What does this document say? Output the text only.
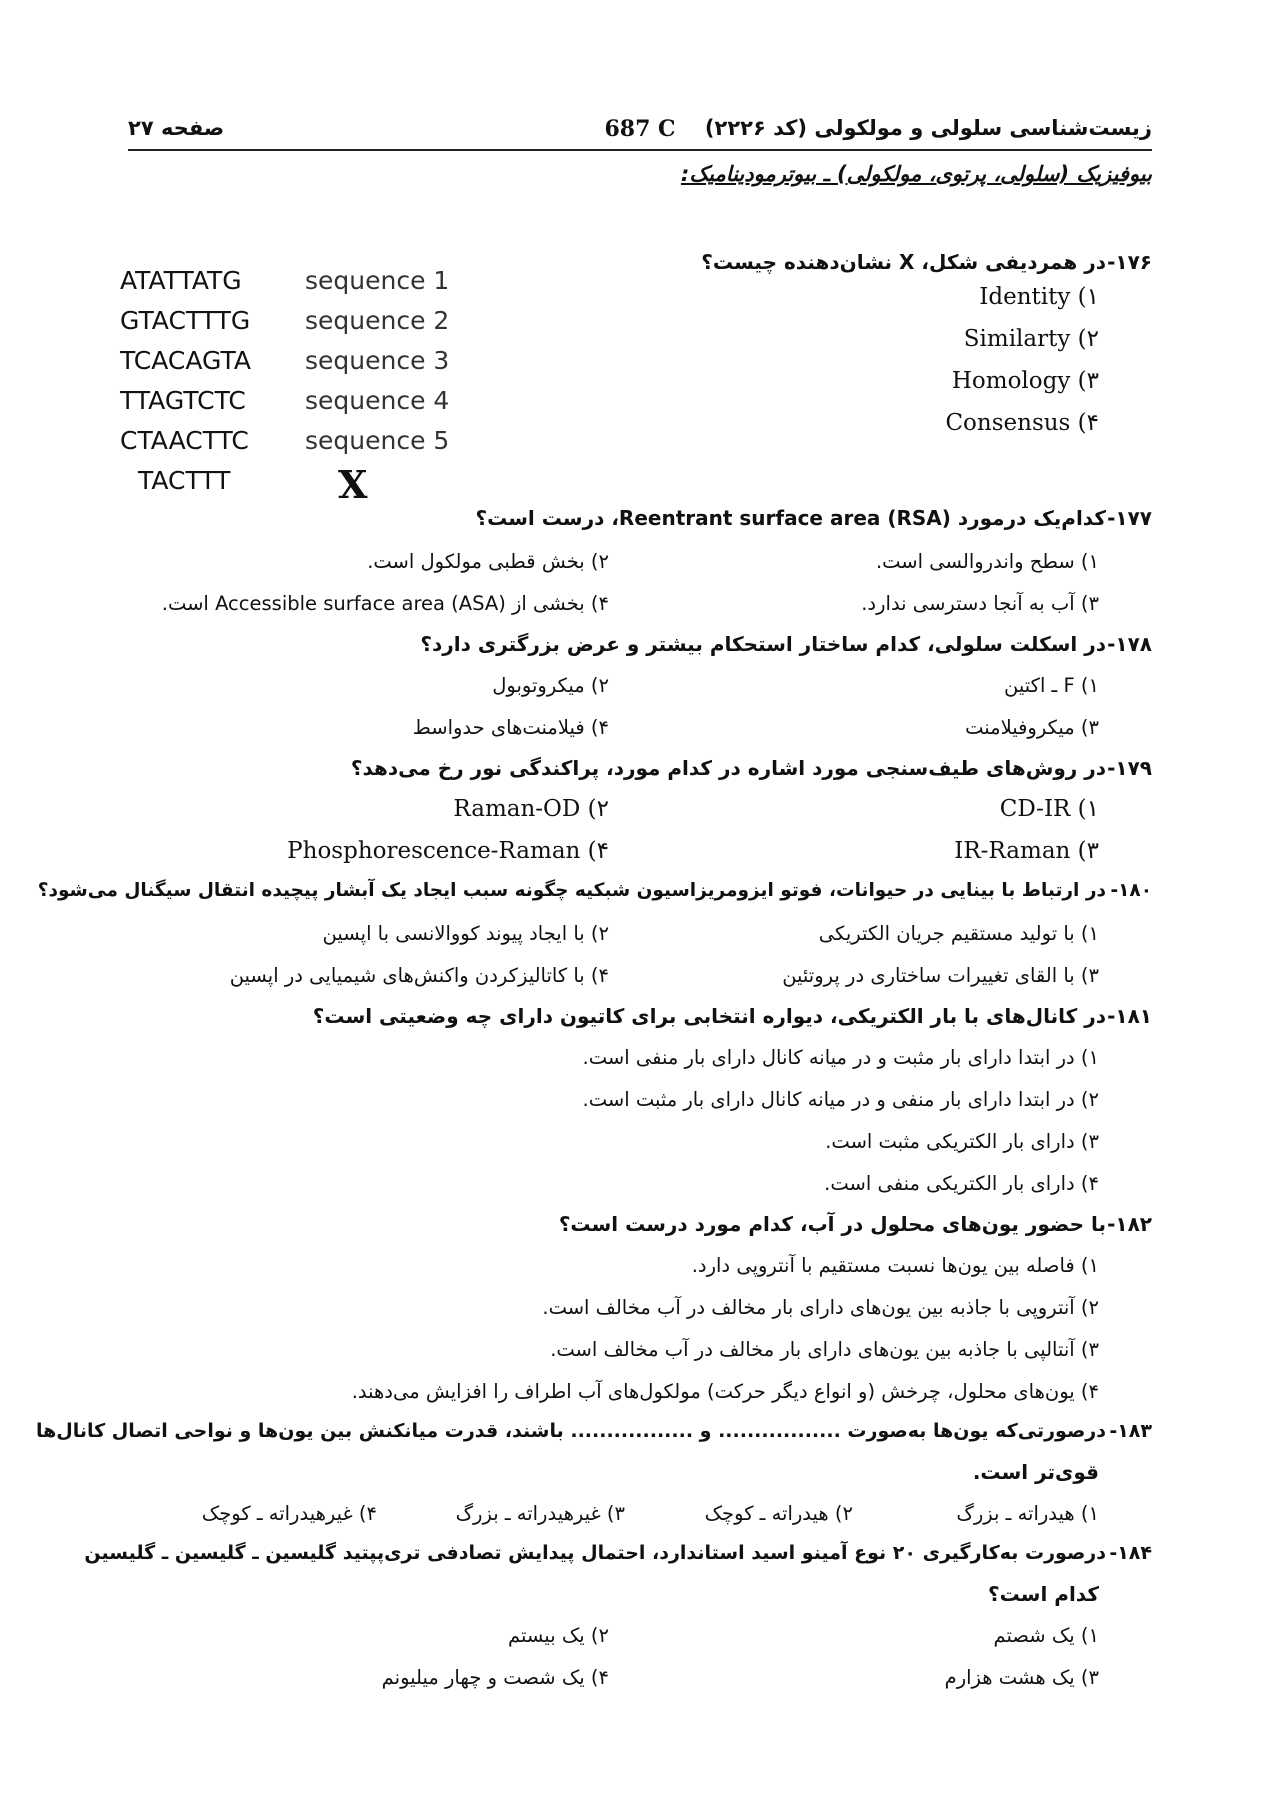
زیست‌شناسی سلولی و مولکولی (کد ۲۲۲۶)
687 C
صفحه ۲۷
بیوفیزیک (سلولی، پرتوی، مولکولی) ـ بیوترمودینامیک:
ATATTATG	sequence 1
GTACTTTG sequence 2
TCACAGTA sequence 3
TTAGTCTC sequence 4
CTAACTTC sequence 5
TACTTT	X
۱۷۶-در همردیفی شکل، X نشان‌دهنده چیست؟
Identity (۱
Similarty (۲
Homology (۳
Consensus (۴
۱۷۷-کدام‌یک درمورد Reentrant surface area (RSA)، درست است؟
۱) سطح واندروالسی است.
۲) بخش قطبی مولکول است.
۳) آب به آنجا دسترسی ندارد.
۴) بخشی از Accessible surface area (ASA) است.
۱۷۸-در اسکلت سلولی، کدام ساختار استحکام بیشتر و عرض بزرگتری دارد؟
۱) F ـ اکتین
۲) میکروتوبول
۳) میکروفیلامنت
۴) فیلامنت‌های حدواسط
۱۷۹-در روش‌های طیف‌سنجی مورد اشاره در کدام مورد، پراکندگی نور رخ می‌دهد؟
CD-IR (۱
Raman-OD (۲
IR-Raman (۳
Phosphorescence-Raman (۴
۱۸۰-در ارتباط با بینایی در حیوانات، فوتو ایزومریزاسیون شبکیه چگونه سبب ایجاد یک آبشار پیچیده انتقال سیگنال می‌شود؟
۱) با تولید مستقیم جریان الکتریکی
۲) با ایجاد پیوند کووالانسی با اپسین
۳) با القای تغییرات ساختاری در پروتئین
۴) با کاتالیزکردن واکنش‌های شیمیایی در اپسین
۱۸۱-در کانال‌های با بار الکتریکی، دیواره انتخابی برای کاتیون دارای چه وضعیتی است؟
۱) در ابتدا دارای بار مثبت و در میانه کانال دارای بار منفی است.
۲) در ابتدا دارای بار منفی و در میانه کانال دارای بار مثبت است.
۳) دارای بار الکتریکی مثبت است.
۴) دارای بار الکتریکی منفی است.
۱۸۲-با حضور یون‌های محلول در آب، کدام مورد درست است؟
۱) فاصله بین یون‌ها نسبت مستقیم با آنتروپی دارد.
۲) آنتروپی با جاذبه بین یون‌های دارای بار مخالف در آب مخالف است.
۳) آنتالپی با جاذبه بین یون‌های دارای بار مخالف در آب مخالف است.
۴) یون‌های محلول، چرخش (و انواع دیگر حرکت) مولکول‌های آب اطراف را افزایش می‌دهند.
۱۸۳-درصورتی‌که یون‌ها به‌صورت ................. و ................. باشند، قدرت میانکنش بین یون‌ها و نواحی اتصال کانال‌ها
قوی‌تر است.
۱) هیدراته ـ بزرگ
۲) هیدراته ـ کوچک
۳) غیرهیدراته ـ بزرگ
۴) غیرهیدراته ـ کوچک
۱۸۴-درصورت به‌کارگیری ۲۰ نوع آمینو اسید استاندارد، احتمال پیدایش تصادفی تری‌پپتید گلیسین ـ گلیسین ـ گلیسین
کدام است؟
۱) یک شصتم
۲) یک بیستم
۳) یک هشت هزارم
۴) یک شصت و چهار میلیونم
